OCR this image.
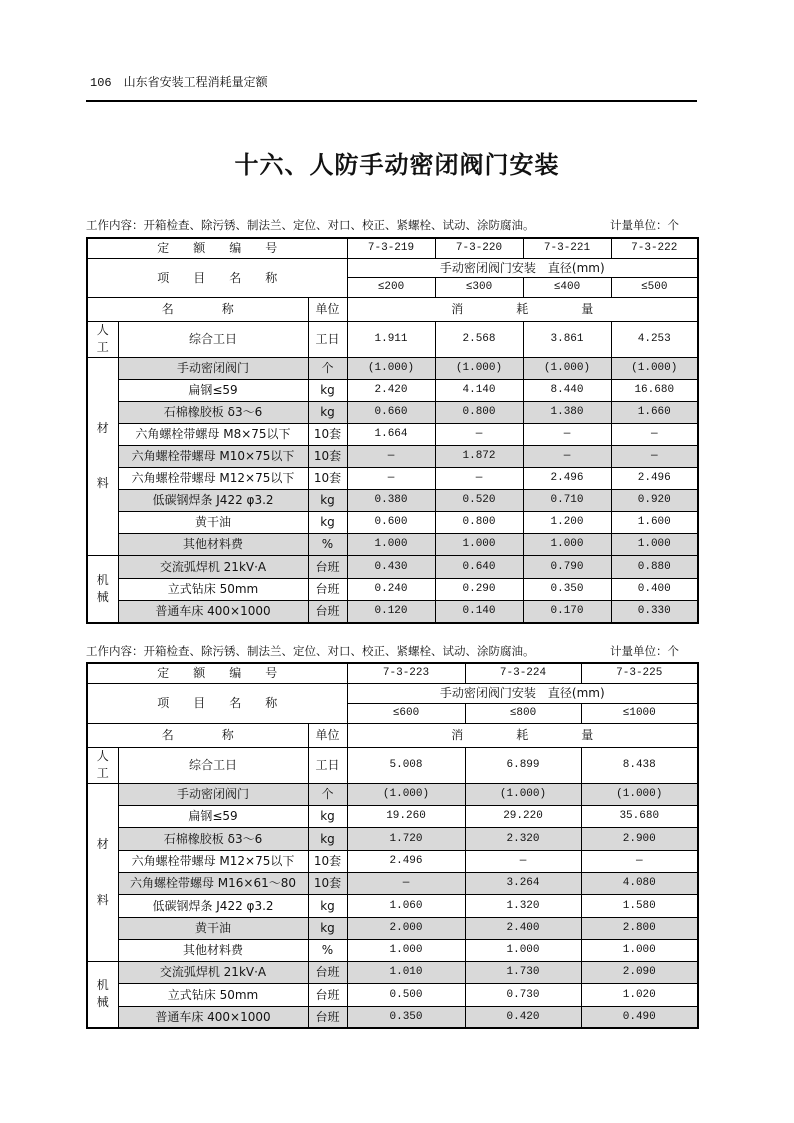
106 山东省安装工程消耗量定额
十六、人防手动密闭阀门安装
工作内容：开箱检查、除污锈、制法兰、定位、对口、校正、紧螺栓、试动、涂防腐油。	计量单位：个
定额编号			7-3-219	7-3-220	7-3-221	7-3-222
项目名称			手动密闭阀门安装　直径(mm)			
			≤200	≤300	≤400	≤500
名称		单位	消耗量			

人工	综合工日	工日	1.911	2.568	3.861	4.253

材料	手动密闭阀门	个	(1.000)	(1.000)	(1.000)	(1.000)
	扁钢≤59	kg	2.420	4.140	8.440	16.680
	石棉橡胶板 δ3～6	kg	0.660	0.800	1.380	1.660
	六角螺栓带螺母 M8×75以下	10套	1.664	—	—	—
	六角螺栓带螺母 M10×75以下	10套	—	1.872	—	—
	六角螺栓带螺母 M12×75以下	10套	—	—	2.496	2.496
	低碳钢焊条 J422 φ3.2	kg	0.380	0.520	0.710	0.920
	黄干油	kg	0.600	0.800	1.200	1.600
	其他材料费	%	1.000	1.000	1.000	1.000

机械	交流弧焊机 21kV·A	台班	0.430	0.640	0.790	0.880
	立式钻床 50mm	台班	0.240	0.290	0.350	0.400
	普通车床 400×1000	台班	0.120	0.140	0.170	0.330
工作内容：开箱检查、除污锈、制法兰、定位、对口、校正、紧螺栓、试动、涂防腐油。	计量单位：个
定额编号			7-3-223	7-3-224	7-3-225
项目名称			手动密闭阀门安装　直径(mm)		
			≤600	≤800	≤1000
名称		单位	消耗量		

人工	综合工日	工日	5.008	6.899	8.438

材料	手动密闭阀门	个	(1.000)	(1.000)	(1.000)
	扁钢≤59	kg	19.260	29.220	35.680
	石棉橡胶板 δ3～6	kg	1.720	2.320	2.900
	六角螺栓带螺母 M12×75以下	10套	2.496	—	—
	六角螺栓带螺母 M16×61～80	10套	—	3.264	4.080
	低碳钢焊条 J422 φ3.2	kg	1.060	1.320	1.580
	黄干油	kg	2.000	2.400	2.800
	其他材料费	%	1.000	1.000	1.000

机械	交流弧焊机 21kV·A	台班	1.010	1.730	2.090
	立式钻床 50mm	台班	0.500	0.730	1.020
	普通车床 400×1000	台班	0.350	0.420	0.490
